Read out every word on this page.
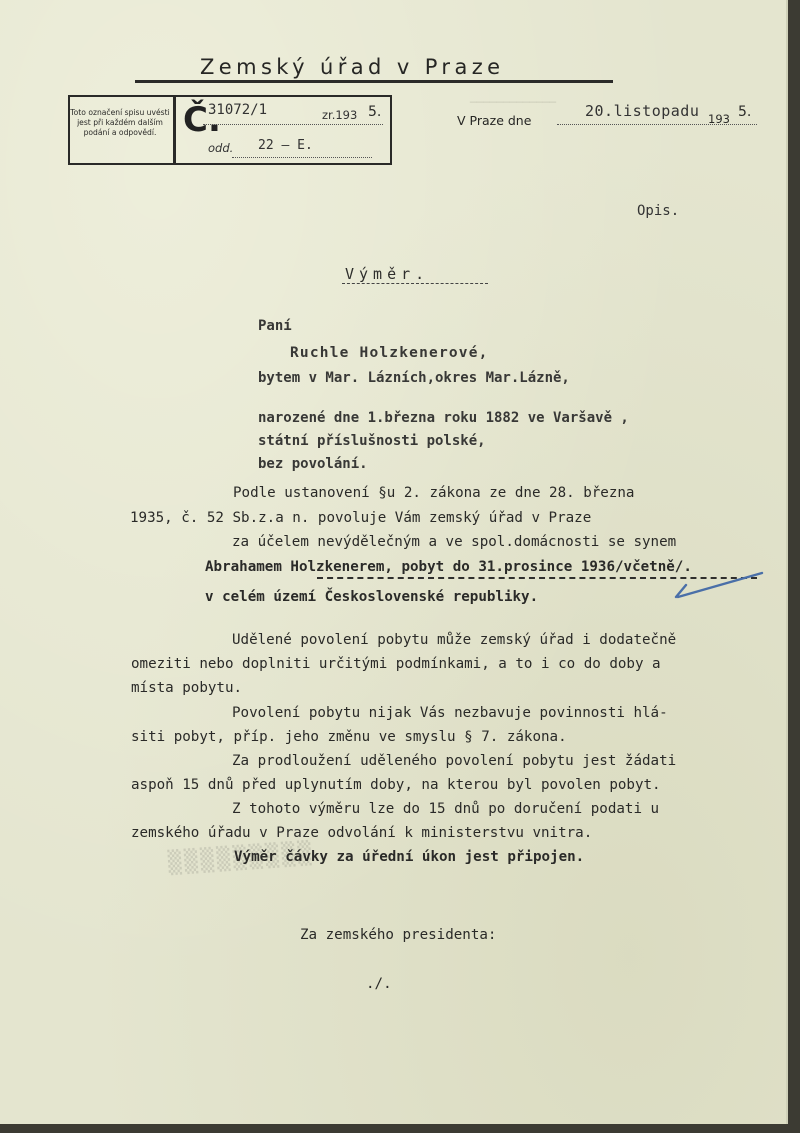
Zemský úřad v Praze
Toto označení spisu uvésti jest při každém dalším podání a odpovědí. Č.
31072/1	zr.193 5.
odd. 22 – E.
V Praze dne
20.listopadu 193 5.
─────────────
Opis.
Výměr.
Paní
Ruchle Holzkenerové,
bytem v Mar. Lázních,okres Mar.Lázně,
narozené dne 1.března roku 1882 ve Varšavě ,
státní příslušnosti polské,
bez povolání.
Podle ustanovení §u 2. zákona ze dne 28. března
1935, č. 52 Sb.z.a n. povoluje Vám zemský úřad v Praze
za účelem nevýdělečným a ve spol.domácnosti se synem
Abrahamem Holzkenerem, pobyt do 31.prosince 1936/včetně/.
v celém území Československé republiky.
Udělené povolení pobytu může zemský úřad i dodatečně
omeziti nebo doplniti určitými podmínkami, a to i co do doby a
místa pobytu.
Povolení pobytu nijak Vás nezbavuje povinnosti hlá-
siti pobyt, příp. jeho změnu ve smyslu § 7. zákona.
Za prodloužení uděleného povolení pobytu jest žádati
aspoň 15 dnů před uplynutím doby, na kterou byl povolen pobyt.
Z tohoto výměru lze do 15 dnů po doručení podati u
zemského úřadu v Praze odvolání k ministerstvu vnitra.
▒▒▒▒▒▒▒▒▒
Výměr čávky za úřední úkon jest připojen.
Za zemského presidenta:
./.
